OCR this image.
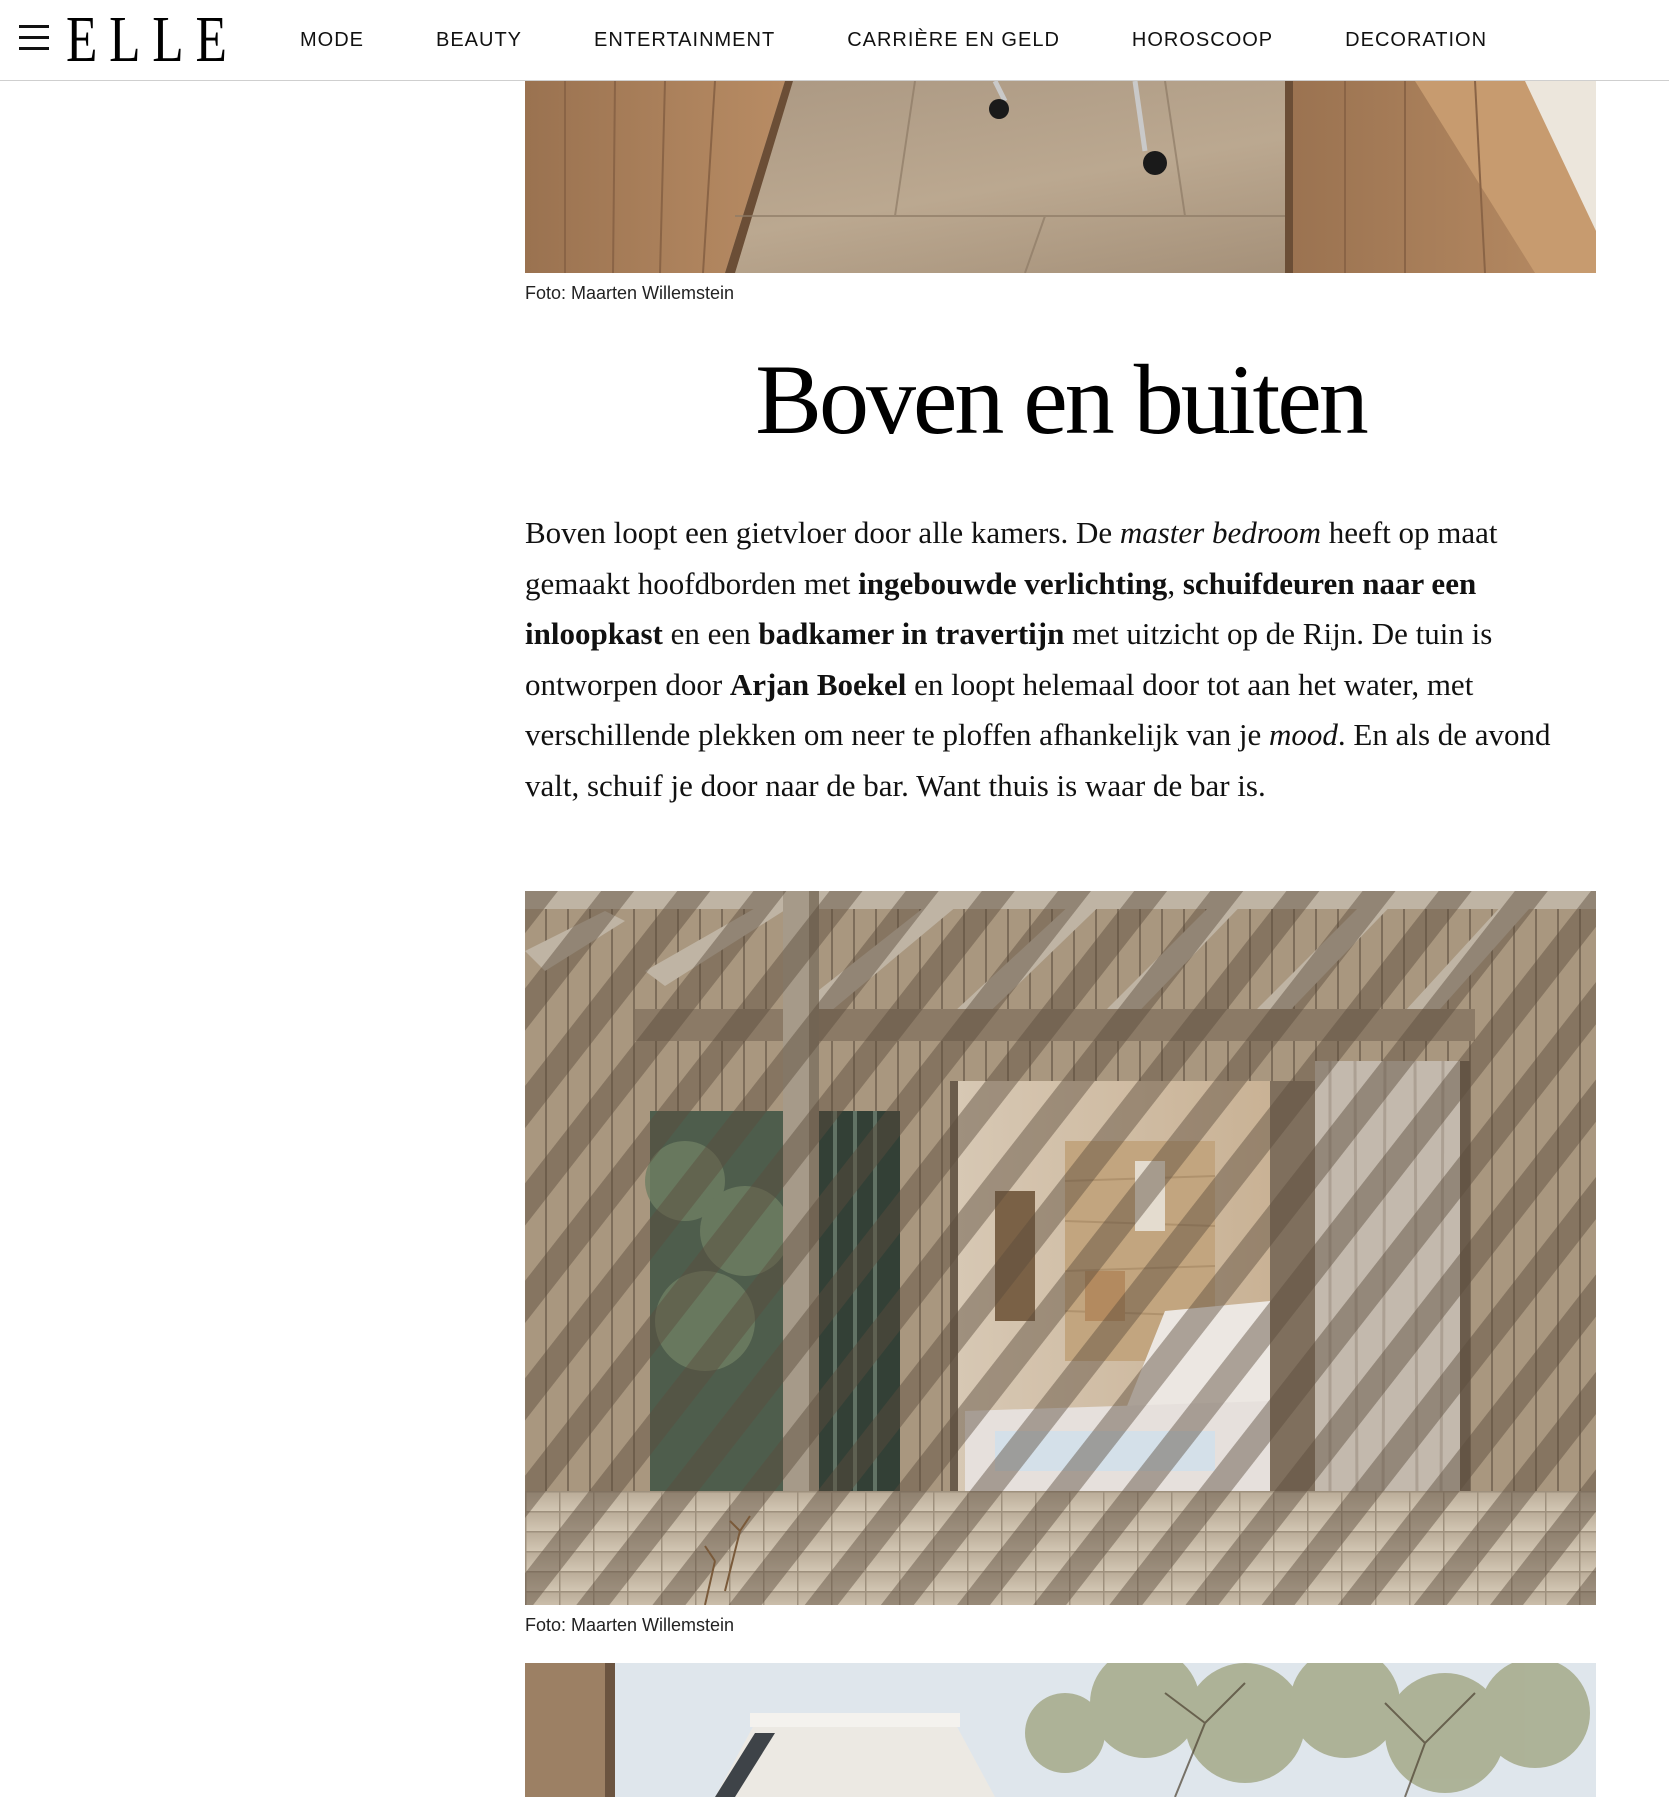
ELLE	MODE	BEAUTY	ENTERTAINMENT	CARRIÈRE EN GELD	HOROSCOOP	DECORATION
Foto: Maarten Willemstein
Boven en buiten

Boven loopt een gietvloer door alle kamers. De master bedroom heeft op maat gemaakt hoofdborden met ingebouwde verlichting, schuifdeuren naar een inloopkast en een badkamer in travertijn met uitzicht op de Rijn. De tuin is ontworpen door Arjan Boekel en loopt helemaal door tot aan het water, met verschillende plekken om neer te ploffen afhankelijk van je mood. En als de avond valt, schuif je door naar de bar. Want thuis is waar de bar is.

Foto: Maarten Willemstein
